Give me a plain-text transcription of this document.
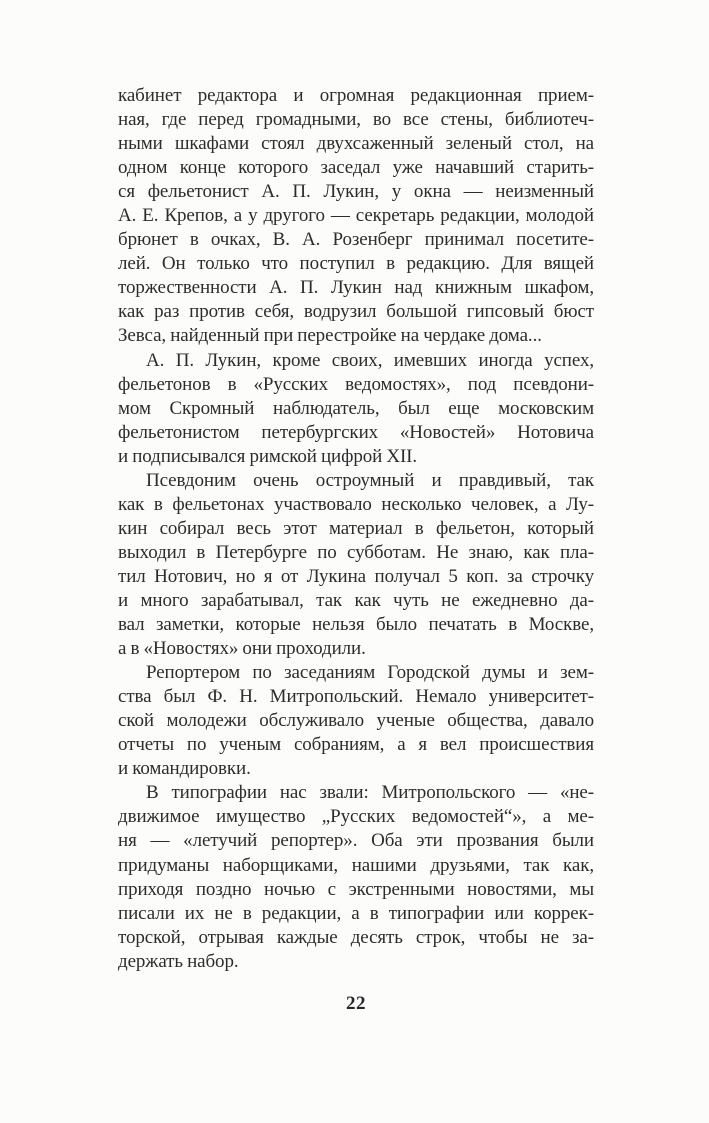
кабинет редактора и огромная редакционная прием-
ная, где перед громадными, во все стены, библиотеч-
ными шкафами стоял двухсаженный зеленый стол, на
одном конце которого заседал уже начавший старить-
ся фельетонист А. П. Лукин, у окна — неизменный
А. Е. Крепов, а у другого — секретарь редакции, молодой
брюнет в очках, В. А. Розенберг принимал посетите-
лей. Он только что поступил в редакцию. Для вящей
торжественности А. П. Лукин над книжным шкафом,
как раз против себя, водрузил большой гипсовый бюст
Зевса, найденный при перестройке на чердаке дома...

А. П. Лукин, кроме своих, имевших иногда успех,
фельетонов в «Русских ведомостях», под псевдони-
мом Скромный наблюдатель, был еще московским
фельетонистом петербургских «Новостей» Нотовича
и подписывался римской цифрой XII.

Псевдоним очень остроумный и правдивый, так
как в фельетонах участвовало несколько человек, а Лу-
кин собирал весь этот материал в фельетон, который
выходил в Петербурге по субботам. Не знаю, как пла-
тил Нотович, но я от Лукина получал 5 коп. за строчку
и много зарабатывал, так как чуть не ежедневно да-
вал заметки, которые нельзя было печатать в Москве,
а в «Новостях» они проходили.

Репортером по заседаниям Городской думы и зем-
ства был Ф. Н. Митропольский. Немало университет-
ской молодежи обслуживало ученые общества, давало
отчеты по ученым собраниям, а я вел происшествия
и командировки.

В типографии нас звали: Митропольского — «не-
движимое имущество „Русских ведомостей“», а ме-
ня — «летучий репортер». Оба эти прозвания были
придуманы наборщиками, нашими друзьями, так как,
приходя поздно ночью с экстренными новостями, мы
писали их не в редакции, а в типографии или коррек-
торской, отрывая каждые десять строк, чтобы не за-
держать набор.

22
